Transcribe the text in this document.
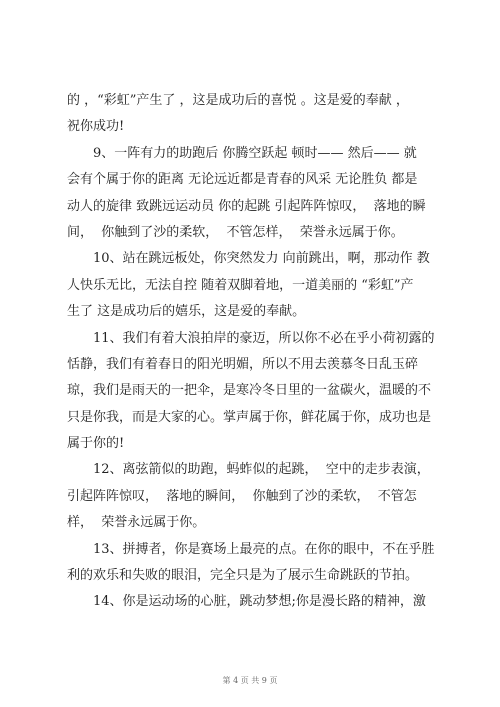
的 ，“彩虹”产生了 ，这是成功后的喜悦 。这是爱的奉献 ，
祝你成功!
9、一阵有力的助跑后 你腾空跃起 顿时—— 然后—— 就
会有个属于你的距离 无论远近都是青春的风采 无论胜负 都是
动人的旋律 致跳远运动员 你的起跳 引起阵阵惊叹，  落地的瞬
间，  你触到了沙的柔软，  不管怎样，  荣誉永远属于你。
10、站在跳远板处，你突然发力 向前跳出，啊，那动作 教
人快乐无比，无法自控 随着双脚着地，一道美丽的 “彩虹”产
生了 这是成功后的嬉乐，这是爱的奉献。
11、我们有着大浪拍岸的豪迈，所以你不必在乎小荷初露的
恬静，我们有着春日的阳光明媚，所以不用去羡慕冬日乱玉碎
琼，我们是雨天的一把伞，是寒冷冬日里的一盆碳火，温暖的不
只是你我，而是大家的心。掌声属于你，鲜花属于你，成功也是
属于你的!
12、离弦箭似的助跑，蚂蚱似的起跳，  空中的走步表演，
引起阵阵惊叹，  落地的瞬间，  你触到了沙的柔软，  不管怎
样，  荣誉永远属于你。
13、拼搏者，你是赛场上最亮的点。在你的眼中，不在乎胜
利的欢乐和失败的眼泪，完全只是为了展示生命跳跃的节拍。
14、你是运动场的心脏，跳动梦想;你是漫长路的精神，激
第 4 页 共 9 页
